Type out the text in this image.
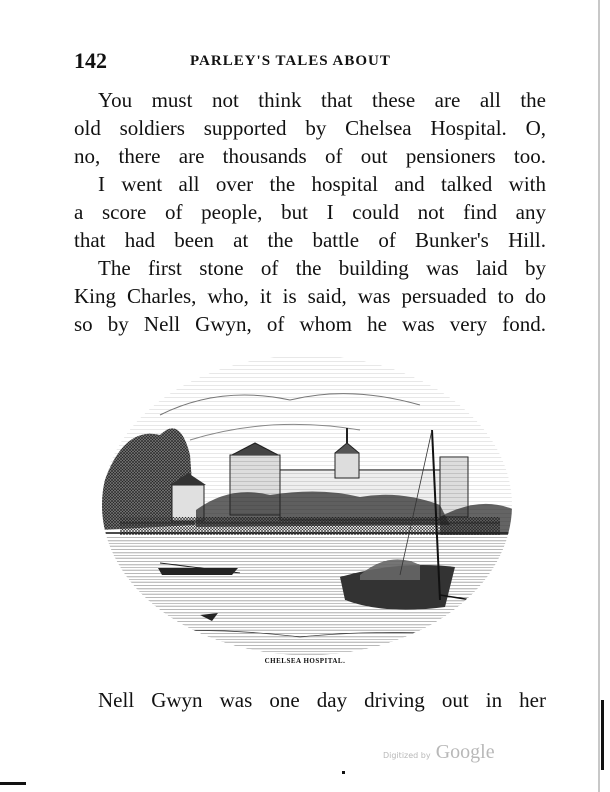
142	PARLEY'S TALES ABOUT
You must not think that these are all the
old soldiers supported by Chelsea Hospital. O,
no, there are thousands of out pensioners too.
I went all over the hospital and talked with
a score of people, but I could not find any
that had been at the battle of Bunker's Hill.
The first stone of the building was laid by
King Charles, who, it is said, was persuaded to do
so by Nell Gwyn, of whom he was very fond.
CHELSEA HOSPITAL.
Nell Gwyn was one day driving out in her
Digitized by Google
